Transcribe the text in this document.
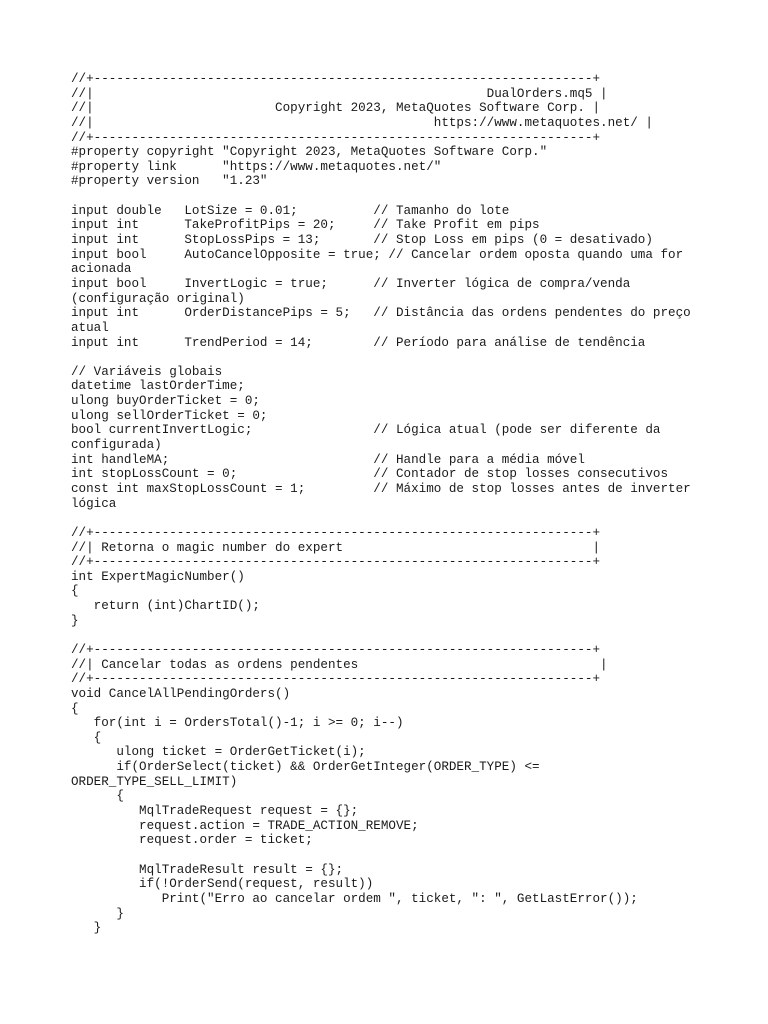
//+------------------------------------------------------------------+
//|                                                    DualOrders.mq5 |
//|                        Copyright 2023, MetaQuotes Software Corp. |
//|                                             https://www.metaquotes.net/ |
//+------------------------------------------------------------------+
#property copyright "Copyright 2023, MetaQuotes Software Corp."
#property link      "https://www.metaquotes.net/"
#property version   "1.23"
input double   LotSize = 0.01;          // Tamanho do lote
input int      TakeProfitPips = 20;     // Take Profit em pips
input int      StopLossPips = 13;       // Stop Loss em pips (0 = desativado)
input bool     AutoCancelOpposite = true; // Cancelar ordem oposta quando uma for
acionada
input bool     InvertLogic = true;      // Inverter lógica de compra/venda
(configuração original)
input int      OrderDistancePips = 5;   // Distância das ordens pendentes do preço
atual
input int      TrendPeriod = 14;        // Período para análise de tendência
// Variáveis globais
datetime lastOrderTime;
ulong buyOrderTicket = 0;
ulong sellOrderTicket = 0;
bool currentInvertLogic;                // Lógica atual (pode ser diferente da
configurada)
int handleMA;                           // Handle para a média móvel
int stopLossCount = 0;                  // Contador de stop losses consecutivos
const int maxStopLossCount = 1;         // Máximo de stop losses antes de inverter
lógica
//+------------------------------------------------------------------+
//| Retorna o magic number do expert                                 |
//+------------------------------------------------------------------+
int ExpertMagicNumber()
{
return (int)ChartID();
}
//+------------------------------------------------------------------+
//| Cancelar todas as ordens pendentes                                |
//+------------------------------------------------------------------+
void CancelAllPendingOrders()
{
for(int i = OrdersTotal()-1; i >= 0; i--)
{
ulong ticket = OrderGetTicket(i);
if(OrderSelect(ticket) && OrderGetInteger(ORDER_TYPE) <=
ORDER_TYPE_SELL_LIMIT)
{
MqlTradeRequest request = {};
request.action = TRADE_ACTION_REMOVE;
request.order = ticket;
MqlTradeResult result = {};
if(!OrderSend(request, result))
Print("Erro ao cancelar ordem ", ticket, ": ", GetLastError());
}
}
